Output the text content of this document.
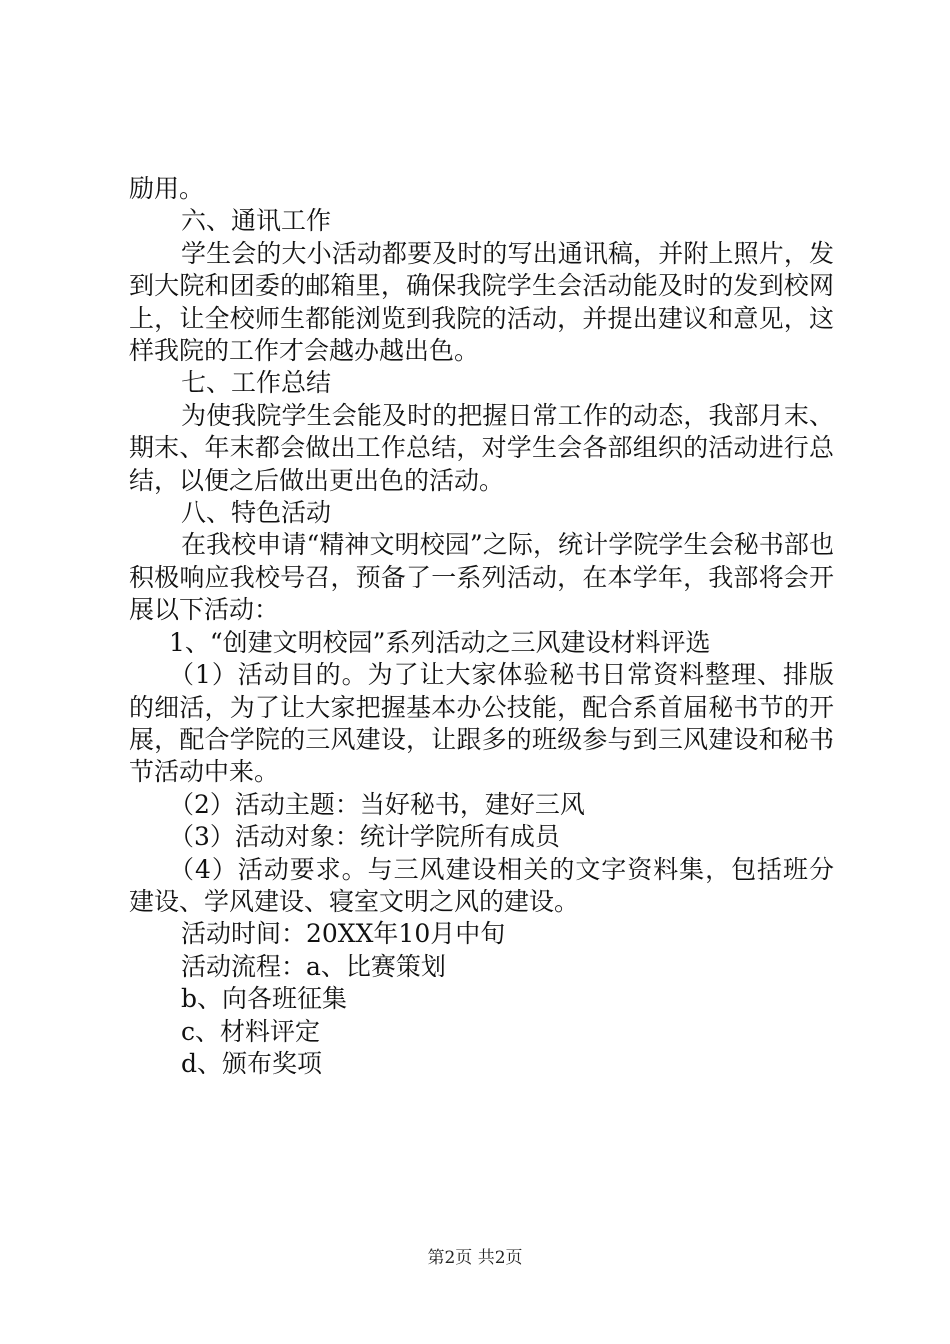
励用。

六、通讯工作

学生会的大小活动都要及时的写出通讯稿，并附上照片，发到大院和团委的邮箱里，确保我院学生会活动能及时的发到校网上，让全校师生都能浏览到我院的活动，并提出建议和意见，这样我院的工作才会越办越出色。

七、工作总结

为使我院学生会能及时的把握日常工作的动态，我部月末、期末、年末都会做出工作总结，对学生会各部组织的活动进行总结，以便之后做出更出色的活动。

八、特色活动

在我校申请“精神文明校园”之际，统计学院学生会秘书部也积极响应我校号召，预备了一系列活动，在本学年，我部将会开展以下活动：

1、“创建文明校园”系列活动之三风建设材料评选

（1）活动目的。为了让大家体验秘书日常资料整理、排版的细活，为了让大家把握基本办公技能，配合系首届秘书节的开展，配合学院的三风建设，让跟多的班级参与到三风建设和秘书节活动中来。

（2）活动主题：当好秘书，建好三风

（3）活动对象：统计学院所有成员

（4）活动要求。与三风建设相关的文字资料集，包括班分建设、学风建设、寝室文明之风的建设。

活动时间：20XX年10月中旬

活动流程：a、比赛策划

b、向各班征集

c、材料评定

d、颁布奖项

第2页 共2页
